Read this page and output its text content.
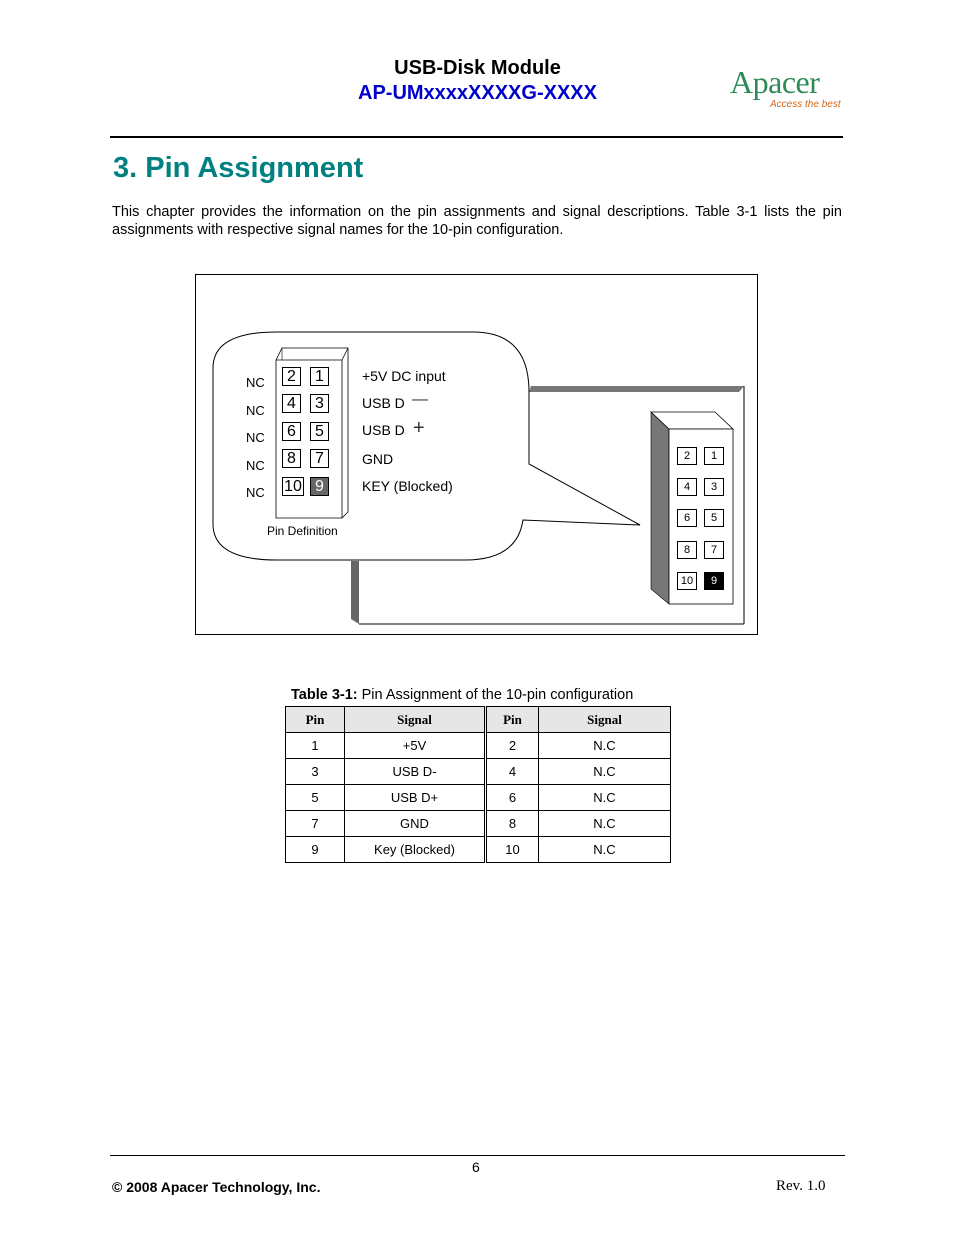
USB-Disk Module
AP-UMxxxxXXXXG-XXXX	Apacer
Access the best
3. Pin Assignment
This chapter provides the information on the pin assignments and signal descriptions. Table 3-1 lists the pin assignments with respective signal names for the 10-pin configuration.
NC
NC
NC
NC
NC
2	1
4	3
6	5
8	7
10 9
+5V DC input
USB D —
USB D +
GND
KEY (Blocked)
Pin Definition
2	1
4	3
6	5
8	7
10	9
Table 3-1: Pin Assignment of the 10-pin configuration
Pin	Signal	Pin	Signal
1	+5V	2	N.C
3	USB D-	4	N.C
5	USB D+	6	N.C
7	GND	8	N.C
9	Key (Blocked)	10	N.C
6
© 2008 Apacer Technology, Inc.	Rev. 1.0
